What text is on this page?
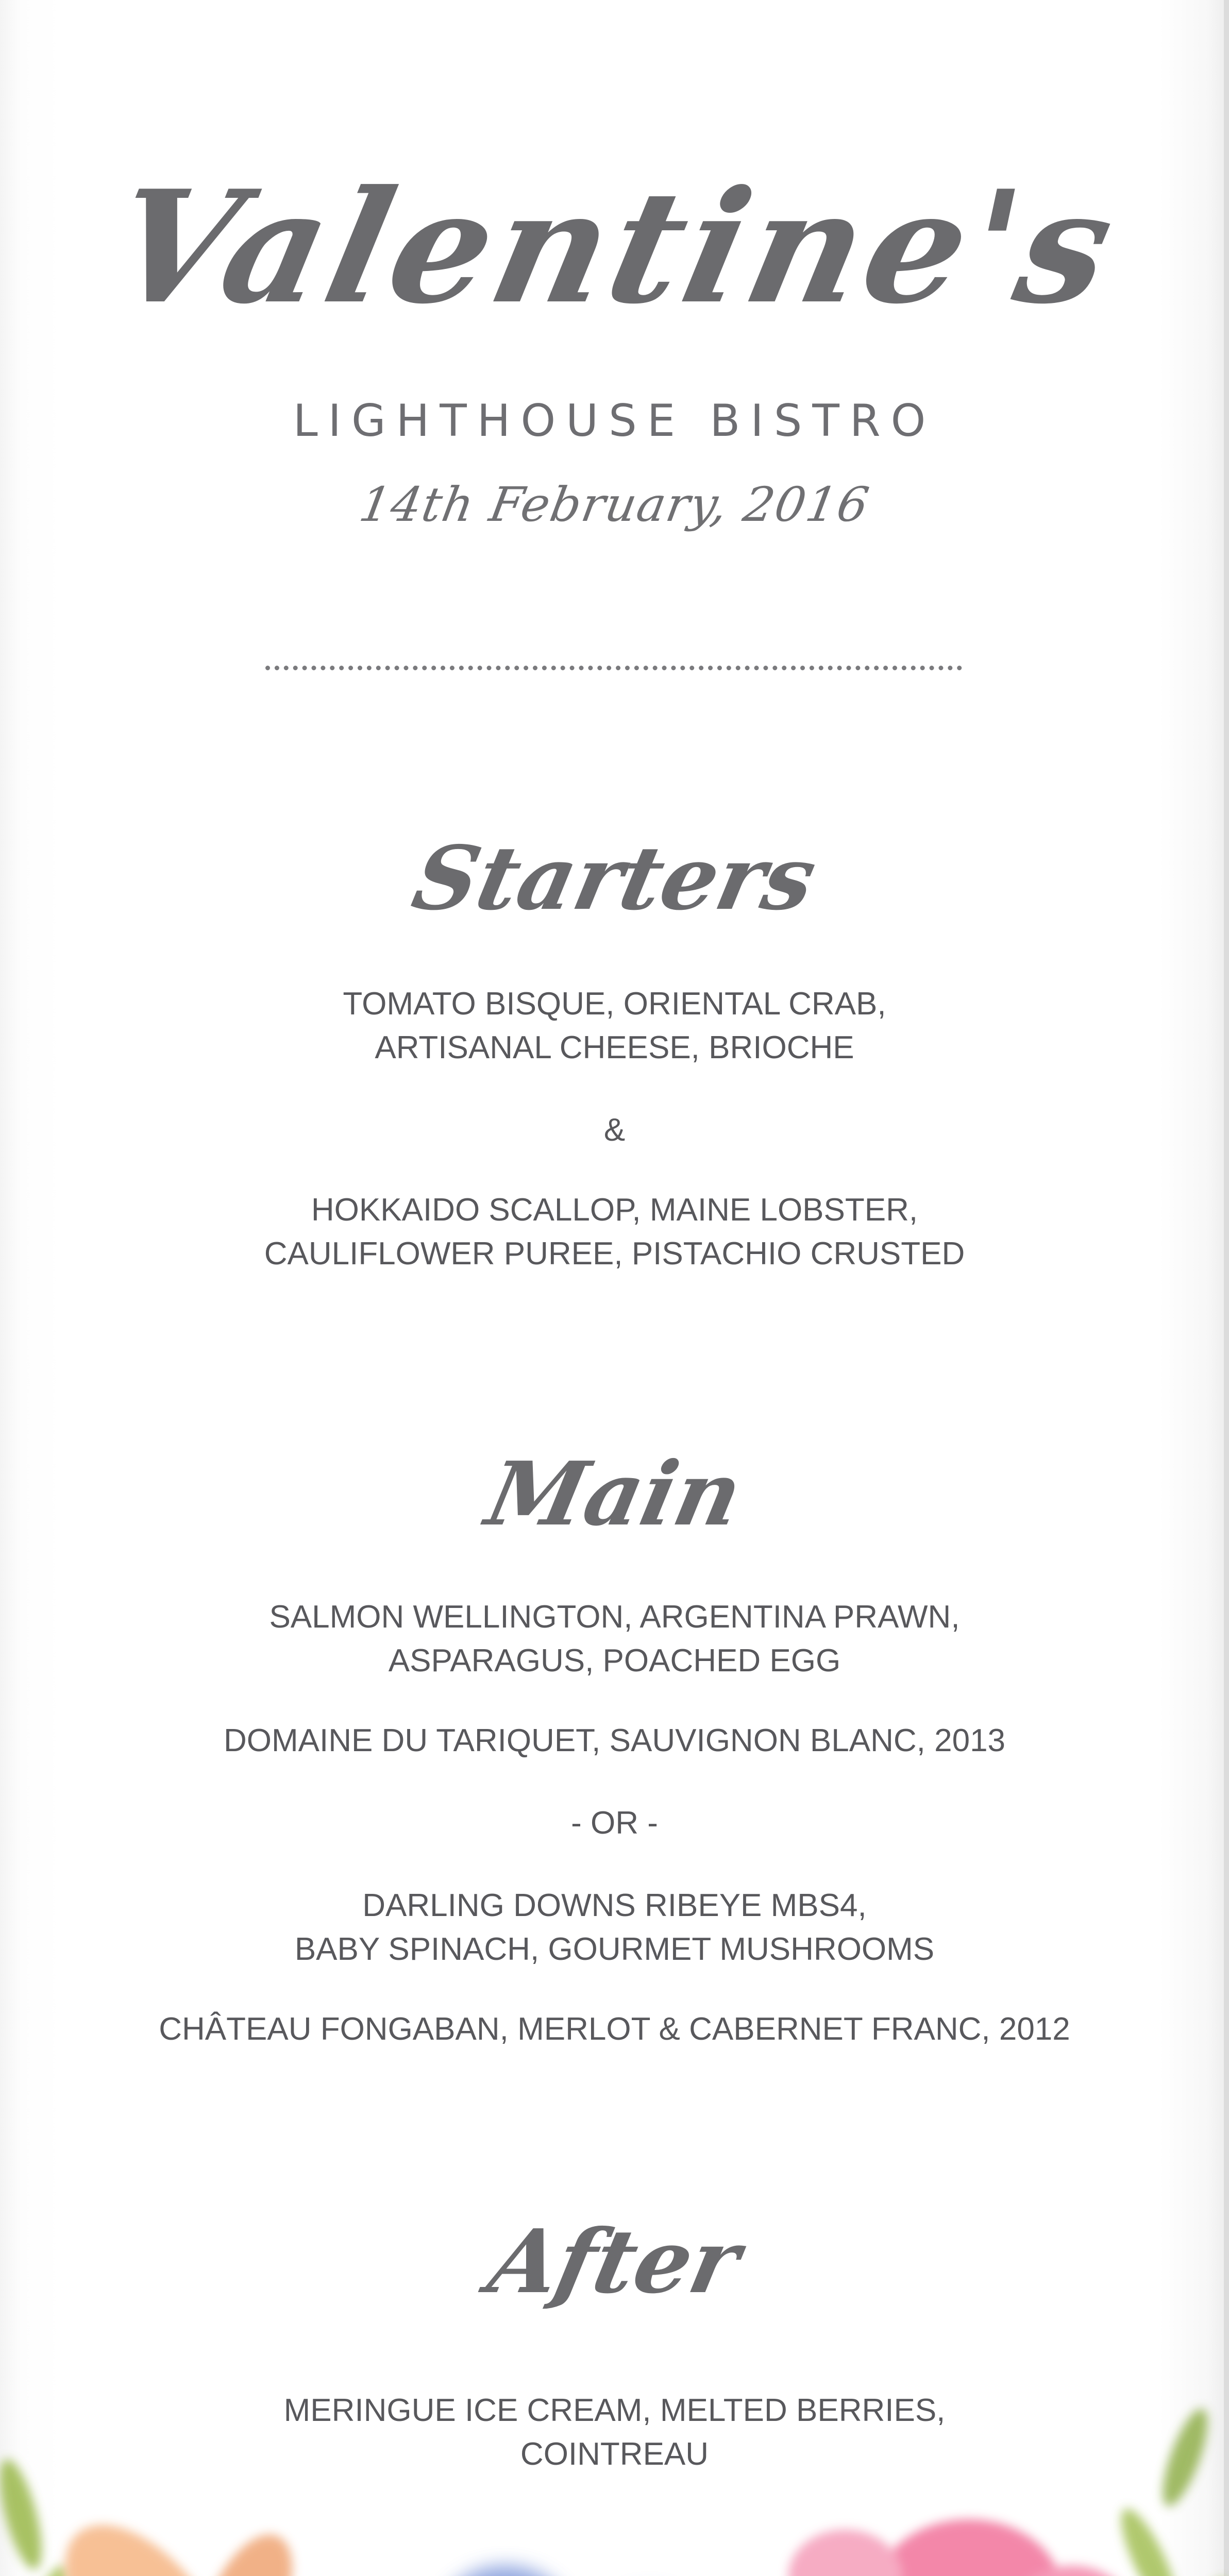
Valentine's
LIGHTHOUSE BISTRO
14th February, 2016
Starters

TOMATO BISQUE, ORIENTAL CRAB,

ARTISANAL CHEESE, BRIOCHE

&

HOKKAIDO SCALLOP, MAINE LOBSTER,

CAULIFLOWER PUREE, PISTACHIO CRUSTED

Main

SALMON WELLINGTON, ARGENTINA PRAWN,

ASPARAGUS, POACHED EGG

DOMAINE DU TARIQUET, SAUVIGNON BLANC, 2013

- OR -

DARLING DOWNS RIBEYE MBS4,

BABY SPINACH, GOURMET MUSHROOMS

CHÂTEAU FONGABAN, MERLOT & CABERNET FRANC, 2012

After

MERINGUE ICE CREAM, MELTED BERRIES,

COINTREAU
